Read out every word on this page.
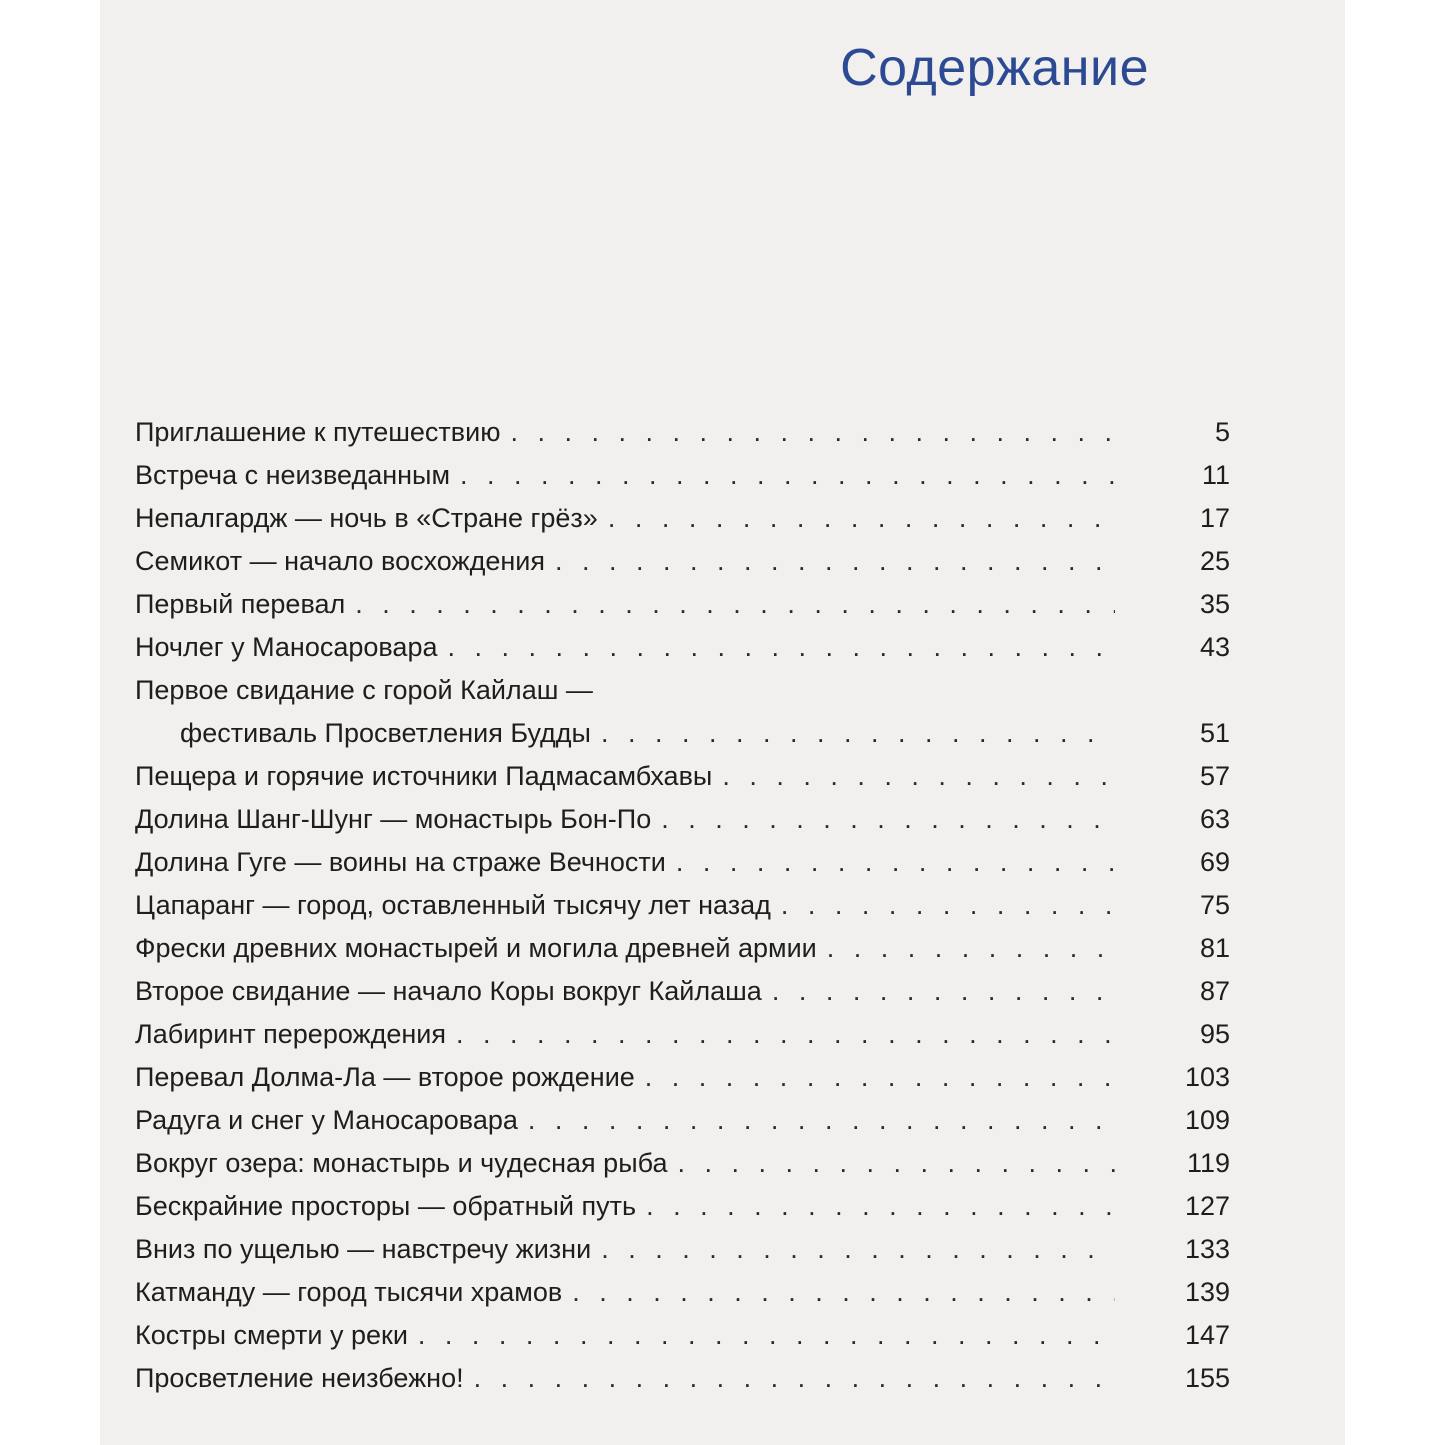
Содержание
Приглашение к путешествию . . .	5
Встреча с неизведанным . . .	11
Непалгардж — ночь в «Стране грёз» . . .	17
Семикот — начало восхождения . . .	25
Первый перевал . . .	35
Ночлег у Маносаровара . . .	43
Первое свидание с горой Кайлаш —
фестиваль Просветления Будды . . .	51
Пещера и горячие источники Падмасамбхавы . . .	57
Долина Шанг-Шунг — монастырь Бон-По . . .	63
Долина Гуге — воины на страже Вечности . . .	69
Цапаранг — город, оставленный тысячу лет назад . . .	75
Фрески древних монастырей и могила древней армии . . .	81
Второе свидание — начало Коры вокруг Кайлаша . . .	87
Лабиринт перерождения . . .	95
Перевал Долма-Ла — второе рождение . . .	103
Радуга и снег у Маносаровара . . .	109
Вокруг озера: монастырь и чудесная рыба . . .	119
Бескрайние просторы — обратный путь . . .	127
Вниз по ущелью — навстречу жизни . . .	133
Катманду — город тысячи храмов . . .	139
Костры смерти у реки . . .	147
Просветление неизбежно! . . .	155
